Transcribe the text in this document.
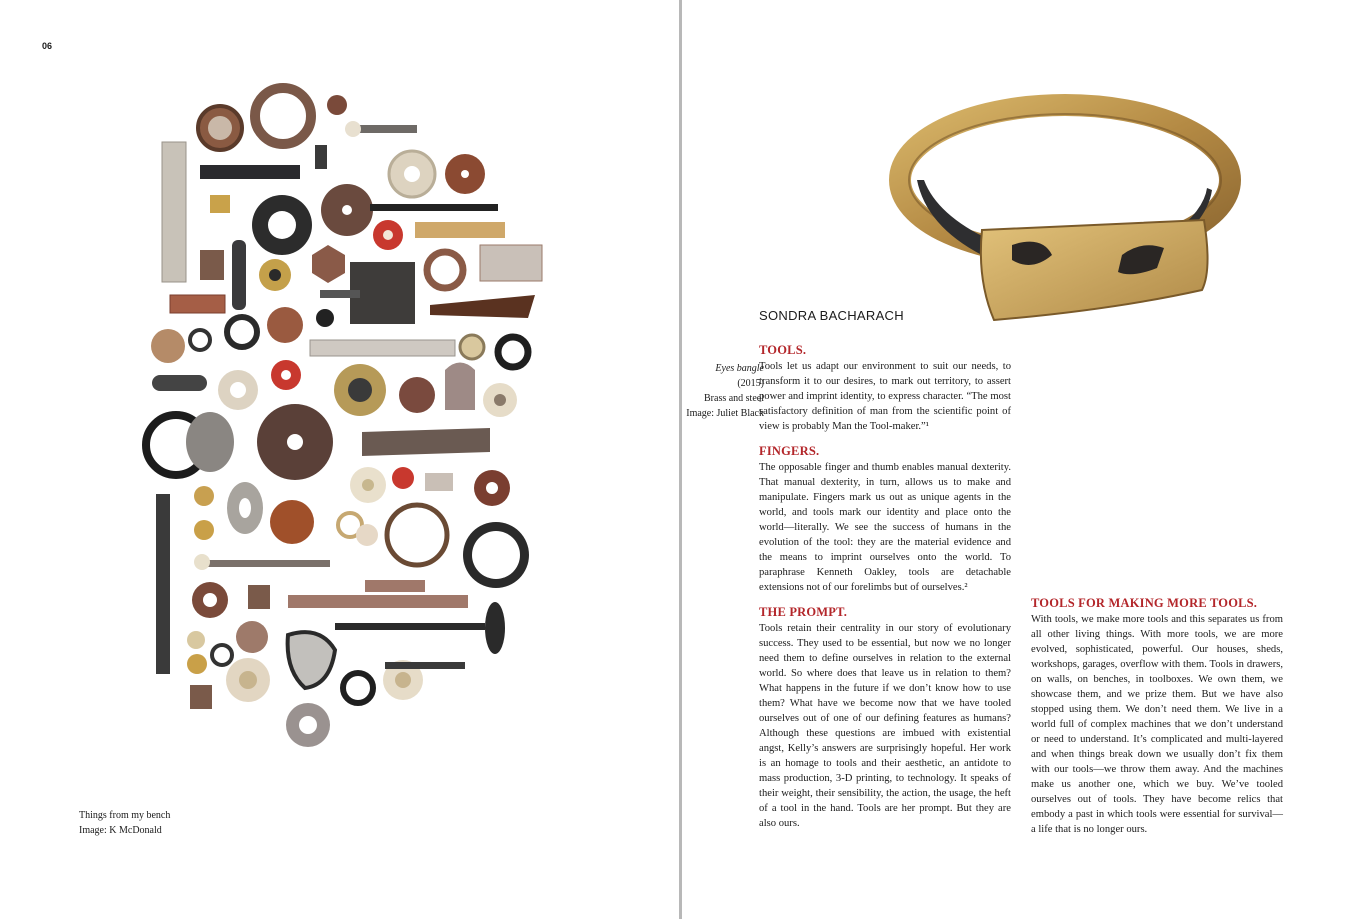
06
Things from my bench
Image: K McDonald
Eyes bangle
(2015)
Brass and steel
Image: Juliet Black
SONDRA BACHARACH
TOOLS.

Tools let us adapt our environment to suit our needs, to transform it to our desires, to mark out territory, to assert power and imprint identity, to express character. “The most satisfactory definition of man from the scientific point of view is probably Man the Tool-maker.”¹

FINGERS.

The opposable finger and thumb enables manual dexterity. That manual dexterity, in turn, allows us to make and manipulate. Fingers mark us out as unique agents in the world, and tools mark our identity and place onto the world—literally. We see the success of humans in the evolution of the tool: they are the material evidence and the means to imprint ourselves onto the world. To paraphrase Kenneth Oakley, tools are detachable extensions not of our forelimbs but of ourselves.²

THE PROMPT.

Tools retain their centrality in our story of evolutionary success. They used to be essential, but now we no longer need them to define ourselves in relation to the external world. So where does that leave us in relation to them? What happens in the future if we don’t know how to use them? What have we become now that we have tooled ourselves out of one of our defining features as humans? Although these questions are imbued with existential angst, Kelly’s answers are surprisingly hopeful. Her work is an homage to tools and their aesthetic, an antidote to mass production, 3-D printing, to technology. It speaks of their weight, their sensibility, the action, the usage, the heft of a tool in the hand. Tools are her prompt. But they are also ours.

TOOLS FOR MAKING MORE TOOLS.

With tools, we make more tools and this separates us from all other living things. With more tools, we are more evolved, sophisticated, powerful. Our houses, sheds, workshops, garages, overflow with them. Tools in drawers, on walls, on benches, in toolboxes. We own them, we showcase them, and we prize them. But we have also stopped using them. We don’t need them. We live in a world full of complex machines that we don’t understand or need to understand. It’s complicated and multi-layered and when things break down we usually don’t fix them with our tools—we throw them away. And the machines make us another one, which we buy. We’ve tooled ourselves out of tools. They have become relics that embody a past in which tools were essential for survival—a life that is no longer ours.
